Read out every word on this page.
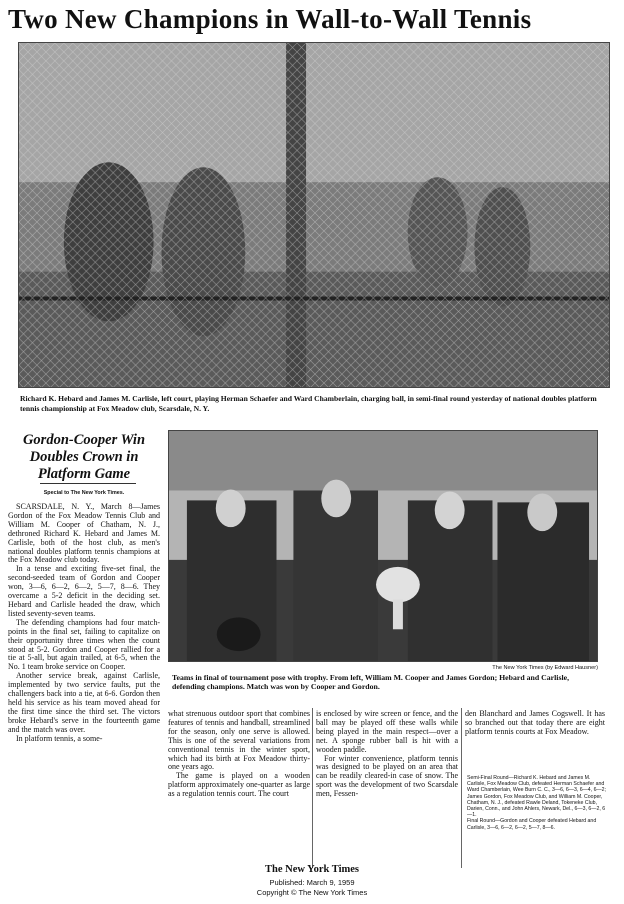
Two New Champions in Wall-to-Wall Tennis
Richard K. Hebard and James M. Carlisle, left court, playing Herman Schaefer and Ward Chamberlain, charging ball, in semi-final round yesterday of national doubles platform tennis championship at Fox Meadow club, Scarsdale, N. Y.
Gordon-Cooper Win Doubles Crown in Platform Game
Special to The New York Times.

SCARSDALE, N. Y., March 8—James Gordon of the Fox Meadow Tennis Club and William M. Cooper of Chatham, N. J., dethroned Richard K. Hebard and James M. Carlisle, both of the host club, as men's national doubles platform tennis champions at the Fox Meadow club today.

In a tense and exciting five-set final, the second-seeded team of Gordon and Cooper won, 3—6, 6—2, 6—2, 5—7, 8—6. They overcame a 5-2 deficit in the deciding set. Hebard and Carlisle headed the draw, which listed seventy-seven teams.

The defending champions had four match-points in the final set, failing to capitalize on their opportunity three times when the count stood at 5-2. Gordon and Cooper rallied for a tie at 5-all, but again trailed, at 6-5, when the No. 1 team broke service on Cooper.

Another service break, against Carlisle, implemented by two service faults, put the challengers back into a tie, at 6-6. Gordon then held his service as his team moved ahead for the first time since the third set. The victors broke Hebard's serve in the fourteenth game and the match was over.

In platform tennis, a some-

The New York Times (by Edward Hausner)
Teams in final of tournament pose with trophy. From left, William M. Cooper and James Gordon; Hebard and Carlisle, defending champions. Match was won by Cooper and Gordon.

what strenuous outdoor sport that combines features of tennis and handball, streamlined for the season, only one serve is allowed. This is one of the several variations from conventional tennis in the winter sport, which had its birth at Fox Meadow thirty-one years ago.

The game is played on a wooden platform approximately one-quarter as large as a regulation tennis court. The court

is enclosed by wire screen or fence, and the ball may be played off these walls while being played in the main respect—over a net. A sponge rubber ball is hit with a wooden paddle.

For winter convenience, platform tennis was designed to be played on an area that can be readily cleared-in case of snow. The sport was the development of two Scarsdale men, Fessen-

den Blanchard and James Cogswell. It has so branched out that today there are eight platform tennis courts at Fox Meadow.

Semi-Final Round—Richard K. Hebard and James M. Carlisle, Fox Meadow Club, defeated Herman Schaefer and Ward Chamberlain, Wee Burn C. C., 3—6, 6—3, 6—4, 6—2; James Gordon, Fox Meadow Club, and William M. Cooper, Chatham, N. J., defeated Rawle Deland, Tokeneke Club, Darien, Conn., and John Ahlers, Newark, Del., 6—3, 6—2, 6—1.

Final Round—Gordon and Cooper defeated Hebard and Carlisle, 3—6, 6—2, 6—2, 5—7, 8—6.

The New York Times
Published: March 9, 1959
Copyright © The New York Times
